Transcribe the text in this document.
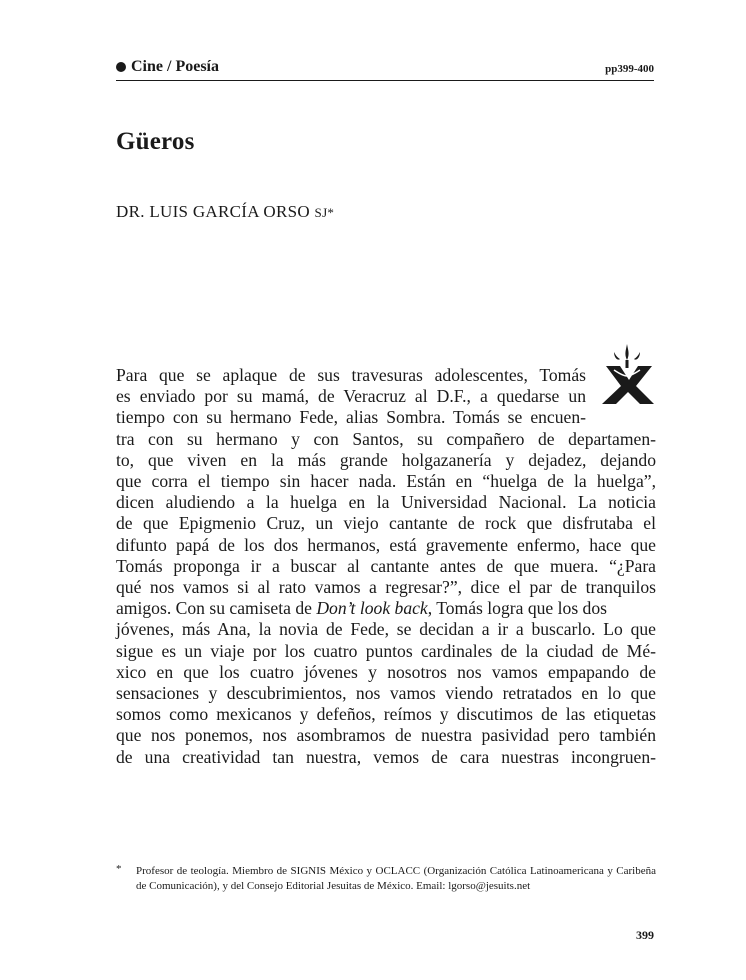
Cine / Poesía	pp399-400
Güeros
DR. LUIS GARCÍA ORSO SJ*
Para que se aplaque de sus travesuras adolescentes, Tomás
es enviado por su mamá, de Veracruz al D.F., a quedarse un
tiempo con su hermano Fede, alias Sombra. Tomás se encuen-
tra con su hermano y con Santos, su compañero de departamen-
to, que viven en la más grande holgazanería y dejadez, dejando
que corra el tiempo sin hacer nada. Están en “huelga de la huelga”,
dicen aludiendo a la huelga en la Universidad Nacional. La noticia
de que Epigmenio Cruz, un viejo cantante de rock que disfrutaba el
difunto papá de los dos hermanos, está gravemente enfermo, hace que
Tomás proponga ir a buscar al cantante antes de que muera. “¿Para
qué nos vamos si al rato vamos a regresar?”, dice el par de tranquilos
amigos. Con su camiseta de Don’t look back, Tomás logra que los dos
jóvenes, más Ana, la novia de Fede, se decidan a ir a buscarlo. Lo que
sigue es un viaje por los cuatro puntos cardinales de la ciudad de Mé-
xico en que los cuatro jóvenes y nosotros nos vamos empapando de
sensaciones y descubrimientos, nos vamos viendo retratados en lo que
somos como mexicanos y defeños, reímos y discutimos de las etiquetas
que nos ponemos, nos asombramos de nuestra pasividad pero también
de una creatividad tan nuestra, vemos de cara nuestras incongruen-
* Profesor de teología. Miembro de SIGNIS México y OCLACC (Organización Católica Latinoamericana y Caribeña de Comunicación), y del Consejo Editorial Jesuitas de México. Email: lgorso@jesuits.net
399
